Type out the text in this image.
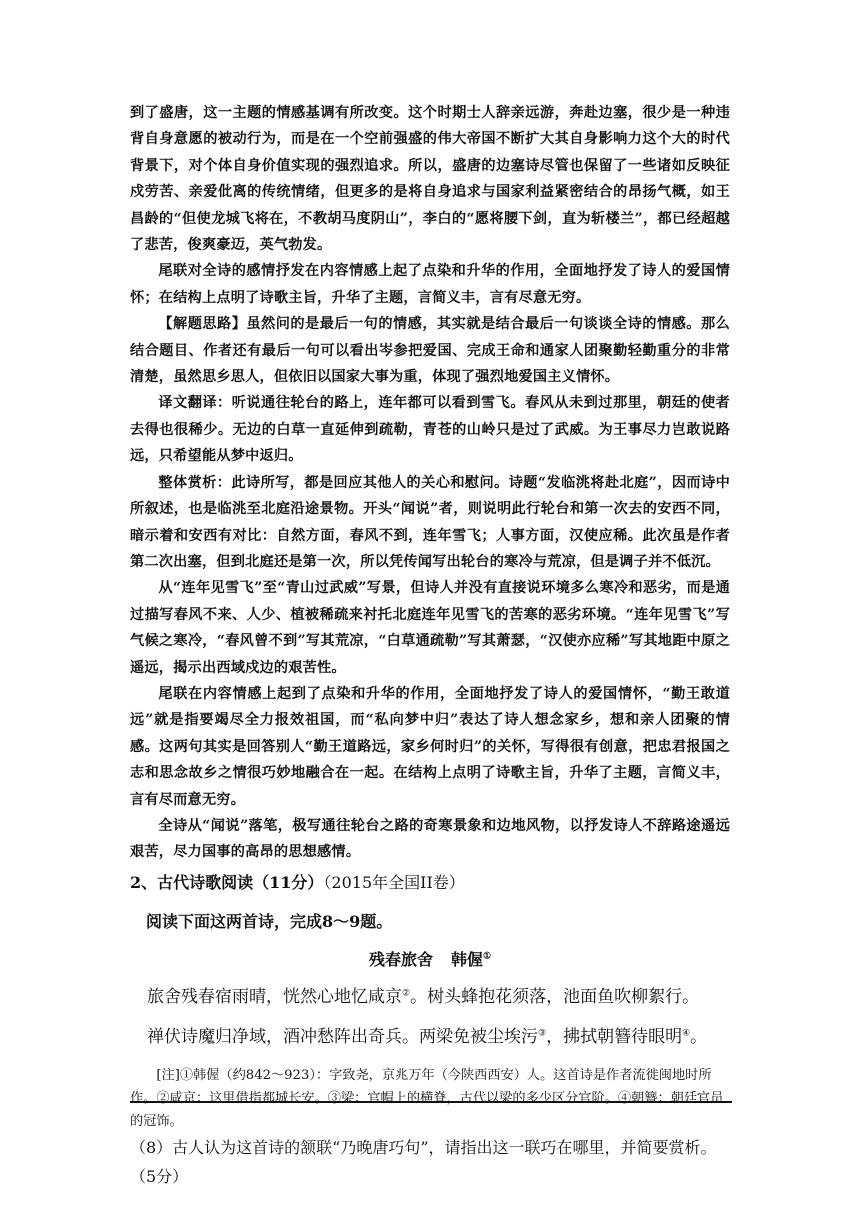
到了盛唐，这一主题的情感基调有所改变。这个时期士人辞亲远游，奔赴边塞，很少是一种违背自身意愿的被动行为，而是在一个空前强盛的伟大帝国不断扩大其自身影响力这个大的时代背景下，对个体自身价值实现的强烈追求。所以，盛唐的边塞诗尽管也保留了一些诸如反映征戍劳苦、亲爱仳离的传统情绪，但更多的是将自身追求与国家利益紧密结合的昂扬气概，如王昌龄的“但使龙城飞将在，不教胡马度阴山”，李白的“愿将腰下剑，直为斩楼兰”，都已经超越了悲苦，俊爽豪迈，英气勃发。

尾联对全诗的感情抒发在内容情感上起了点染和升华的作用，全面地抒发了诗人的爱国情怀；在结构上点明了诗歌主旨，升华了主题，言简义丰，言有尽意无穷。

【解题思路】虽然问的是最后一句的情感，其实就是结合最后一句谈谈全诗的情感。那么结合题目、作者还有最后一句可以看出岑参把爱国、完成王命和通家人团聚勤轻勤重分的非常清楚，虽然思乡思人，但依旧以国家大事为重，体现了强烈地爱国主义情怀。

译文翻译：听说通往轮台的路上，连年都可以看到雪飞。春风从未到过那里，朝廷的使者去得也很稀少。无边的白草一直延伸到疏勒，青苍的山岭只是过了武威。为王事尽力岂敢说路远，只希望能从梦中返归。

整体赏析：此诗所写，都是回应其他人的关心和慰问。诗题“发临洮将赴北庭”，因而诗中所叙述，也是临洮至北庭沿途景物。开头“闻说”者，则说明此行轮台和第一次去的安西不同，暗示着和安西有对比：自然方面，春风不到，连年雪飞；人事方面，汉使应稀。此次虽是作者第二次出塞，但到北庭还是第一次，所以凭传闻写出轮台的寒冷与荒凉，但是调子并不低沉。

从“连年见雪飞”至“青山过武威”写景，但诗人并没有直接说环境多么寒冷和恶劣，而是通过描写春风不来、人少、植被稀疏来衬托北庭连年见雪飞的苦寒的恶劣环境。“连年见雪飞”写气候之寒冷，“春风曾不到”写其荒凉，“白草通疏勒”写其萧瑟，“汉使亦应稀”写其地距中原之遥远，揭示出西域戍边的艰苦性。

尾联在内容情感上起到了点染和升华的作用，全面地抒发了诗人的爱国情怀，“勤王敢道远”就是指要竭尽全力报效祖国，而“私向梦中归”表达了诗人想念家乡，想和亲人团聚的情感。这两句其实是回答别人“勤王道路远，家乡何时归”的关怀，写得很有创意，把忠君报国之志和思念故乡之情很巧妙地融合在一起。在结构上点明了诗歌主旨，升华了主题，言简义丰，言有尽而意无穷。

全诗从“闻说”落笔，极写通往轮台之路的奇寒景象和边地风物，以抒发诗人不辞路途遥远艰苦，尽力国事的高昂的思想感情。

2、古代诗歌阅读（11分）（2015年全国II卷）

阅读下面这两首诗，完成8～9题。

残春旅舍 韩偓①

旅舍残春宿雨晴，恍然心地忆咸京②。树头蜂抱花须落，池面鱼吹柳絮行。

禅伏诗魔归净域，酒冲愁阵出奇兵。两梁免被尘埃污③，拂拭朝簪待眼明④。

[注]①韩偓（约842～923）：字致尧，京兆万年（今陕西西安）人。这首诗是作者流徙闽地时所作。②咸京：这里借指都城长安。③梁：官帽上的横脊，古代以梁的多少区分官阶。④朝簪：朝廷官员的冠饰。

（8）古人认为这首诗的颔联“乃晚唐巧句”，请指出这一联巧在哪里，并简要赏析。（5分）
